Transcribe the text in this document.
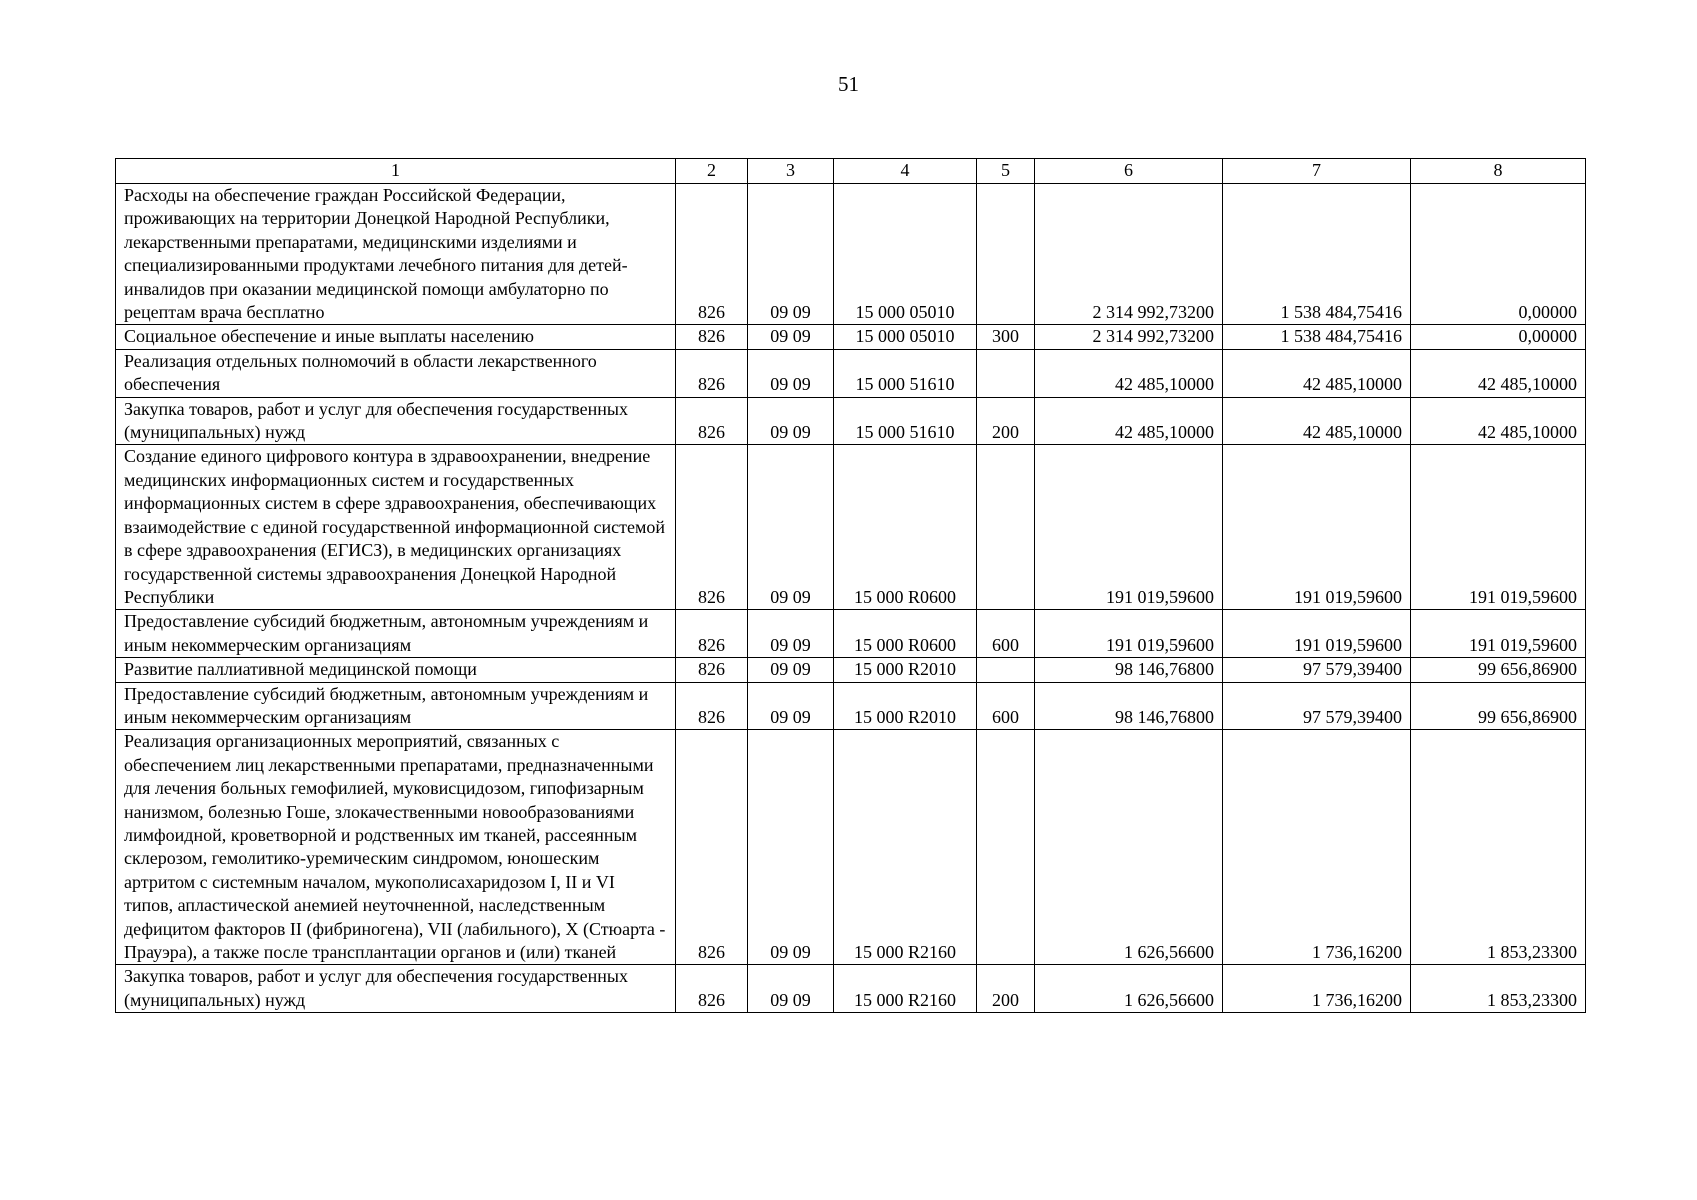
51
1	2	3	4	5	6	7	8
Расходы на обеспечение граждан Российской Федерации, проживающих на территории Донецкой Народной Республики, лекарственными препаратами, медицинскими изделиями и специализированными продуктами лечебного питания для детей-инвалидов при оказании медицинской помощи амбулаторно по рецептам врача бесплатно	826	09 09	15 000 05010		2 314 992,73200	1 538 484,75416	0,00000
Социальное обеспечение и иные выплаты населению	826	09 09	15 000 05010	300	2 314 992,73200	1 538 484,75416	0,00000
Реализация отдельных полномочий в области лекарственного обеспечения	826	09 09	15 000 51610		42 485,10000	42 485,10000	42 485,10000
Закупка товаров, работ и услуг для обеспечения государственных (муниципальных) нужд	826	09 09	15 000 51610	200	42 485,10000	42 485,10000	42 485,10000
Создание единого цифрового контура в здравоохранении, внедрение медицинских информационных систем и государственных информационных систем в сфере здравоохранения, обеспечивающих взаимодействие с единой государственной информационной системой в сфере здравоохранения (ЕГИСЗ), в медицинских организациях государственной системы здравоохранения Донецкой Народной Республики	826	09 09	15 000 R0600		191 019,59600	191 019,59600	191 019,59600
Предоставление субсидий бюджетным, автономным учреждениям и иным некоммерческим организациям	826	09 09	15 000 R0600	600	191 019,59600	191 019,59600	191 019,59600
Развитие паллиативной медицинской помощи	826	09 09	15 000 R2010		98 146,76800	97 579,39400	99 656,86900
Предоставление субсидий бюджетным, автономным учреждениям и иным некоммерческим организациям	826	09 09	15 000 R2010	600	98 146,76800	97 579,39400	99 656,86900
Реализация организационных мероприятий, связанных с обеспечением лиц лекарственными препаратами, предназначенными для лечения больных гемофилией, муковисцидозом, гипофизарным нанизмом, болезнью Гоше, злокачественными новообразованиями лимфоидной, кроветворной и родственных им тканей, рассеянным склерозом, гемолитико-уремическим синдромом, юношеским артритом с системным началом, мукополисахаридозом I, II и VI типов, апластической анемией неуточненной, наследственным дефицитом факторов II (фибриногена), VII (лабильного), X (Стюарта - Прауэра), а также после трансплантации органов и (или) тканей	826	09 09	15 000 R2160		1 626,56600	1 736,16200	1 853,23300
Закупка товаров, работ и услуг для обеспечения государственных (муниципальных) нужд	826	09 09	15 000 R2160	200	1 626,56600	1 736,16200	1 853,23300
